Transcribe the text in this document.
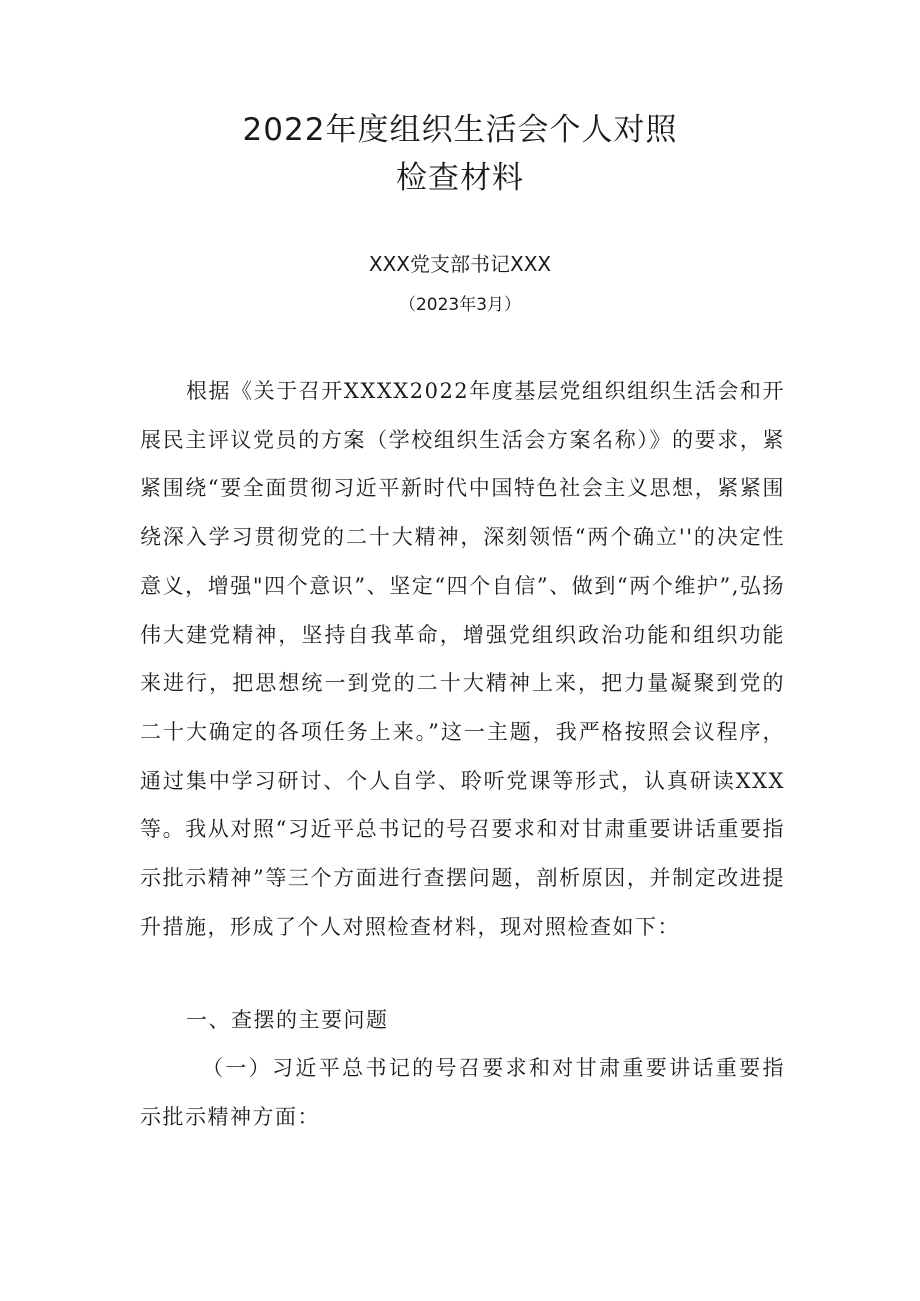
2022年度组织生活会个人对照
检查材料
XXX党支部书记XXX
（2023年3月）

根据《关于召开XXXX2022年度基层党组织组织生活会和开展民主评议党员的方案（学校组织生活会方案名称）》的要求，紧紧围绕“要全面贯彻习近平新时代中国特色社会主义思想，紧紧围绕深入学习贯彻党的二十大精神，深刻领悟“两个确立''的决定性意义，增强"四个意识”、坚定“四个自信”、做到“两个维护”,弘扬伟大建党精神，坚持自我革命，增强党组织政治功能和组织功能来进行，把思想统一到党的二十大精神上来，把力量凝聚到党的二十大确定的各项任务上来。”这一主题，我严格按照会议程序，通过集中学习研讨、个人自学、聆听党课等形式，认真研读XXX等。我从对照“习近平总书记的号召要求和对甘肃重要讲话重要指示批示精神”等三个方面进行查摆问题，剖析原因，并制定改进提升措施，形成了个人对照检查材料，现对照检查如下：

一、查摆的主要问题

（一）习近平总书记的号召要求和对甘肃重要讲话重要指示批示精神方面：
